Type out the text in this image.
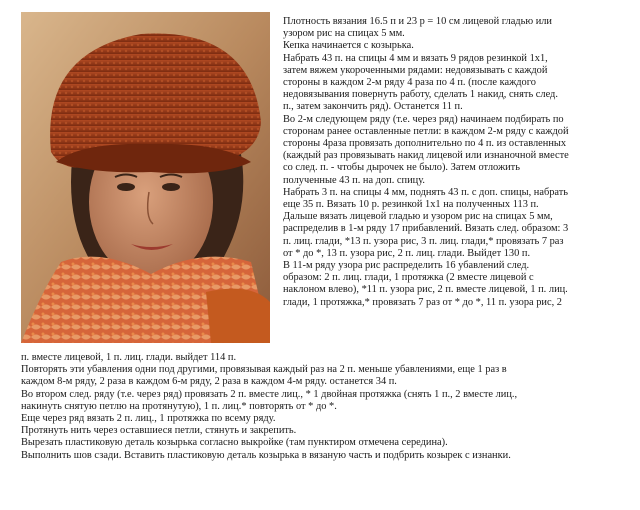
Плотность вязания 16.5 п и 23 р = 10 см лицевой гладью или
узором рис на спицах 5 мм.
Кепка начинается с козырька.
Набрать 43 п. на спицы 4 мм и вязать 9 рядов резинкой 1х1,
затем вяжем укороченными рядами: недовязывать с каждой
стороны в каждом 2-м ряду 4 раза по 4 п. (после каждого
недовязывания повернуть работу, сделать 1 накид, снять след.
п., затем закончить ряд). Останется 11 п.
Во 2-м следующем ряду (т.е. через ряд) начинаем подбирать по
сторонам ранее оставленные петли: в каждом 2-м ряду с каждой
стороны 4раза провязать дополнительно по 4 п. из оставленных
(каждый раз провязывать накид лицевой или изнаночной вместе
со след. п. - чтобы дырочек не было). Затем отложить
полученные 43 п. на доп. спицу.
Набрать 3 п. на спицы 4 мм, поднять 43 п. с доп. спицы, набрать
еще 35 п. Вязать 10 р. резинкой 1х1 на полученных 113 п.
Дальше вязать лицевой гладью и узором рис на спицах 5 мм,
распределив в 1-м ряду 17 прибавлений. Вязать след. образом: 3
п. лиц. глади, *13 п. узора рис, 3 п. лиц. глади,* провязать 7 раз
от * до *, 13 п. узора рис, 2 п. лиц. глади. Выйдет 130 п.
В 11-м ряду узора рис распределить 16 убавлений след.
образом: 2 п. лиц. глади, 1 протяжка (2 вместе лицевой с
наклоном влево), *11 п. узора рис, 2 п. вместе лицевой, 1 п. лиц.
глади, 1 протяжка,* провязать 7 раз от * до *, 11 п. узора рис, 2
п. вместе лицевой, 1 п. лиц. глади. выйдет 114 п.
Повторять эти убавления одни под другими, провязывая каждый раз на 2 п. меньше убавлениями, еще 1 раз в
каждом 8-м ряду, 2 раза в каждом 6-м ряду, 2 раза в каждом 4-м ряду. останется 34 п.
Во втором след. ряду (т.е. через ряд) провязать 2 п. вместе лиц., * 1 двойная протяжка (снять 1 п., 2 вместе лиц.,
накинуть снятую петлю на протянутую), 1 п. лиц.* повторять от * до *.
Еще через ряд вязать 2 п. лиц., 1 протяжка по всему ряду.
Протянуть нить через оставшиеся петли, стянуть и закрепить.
Вырезать пластиковую деталь козырька согласно выкройке (там пунктиром отмечена середина).
Выполнить шов сзади. Вставить пластиковую деталь козырька в вязаную часть и подбрить козырек с изнанки.
